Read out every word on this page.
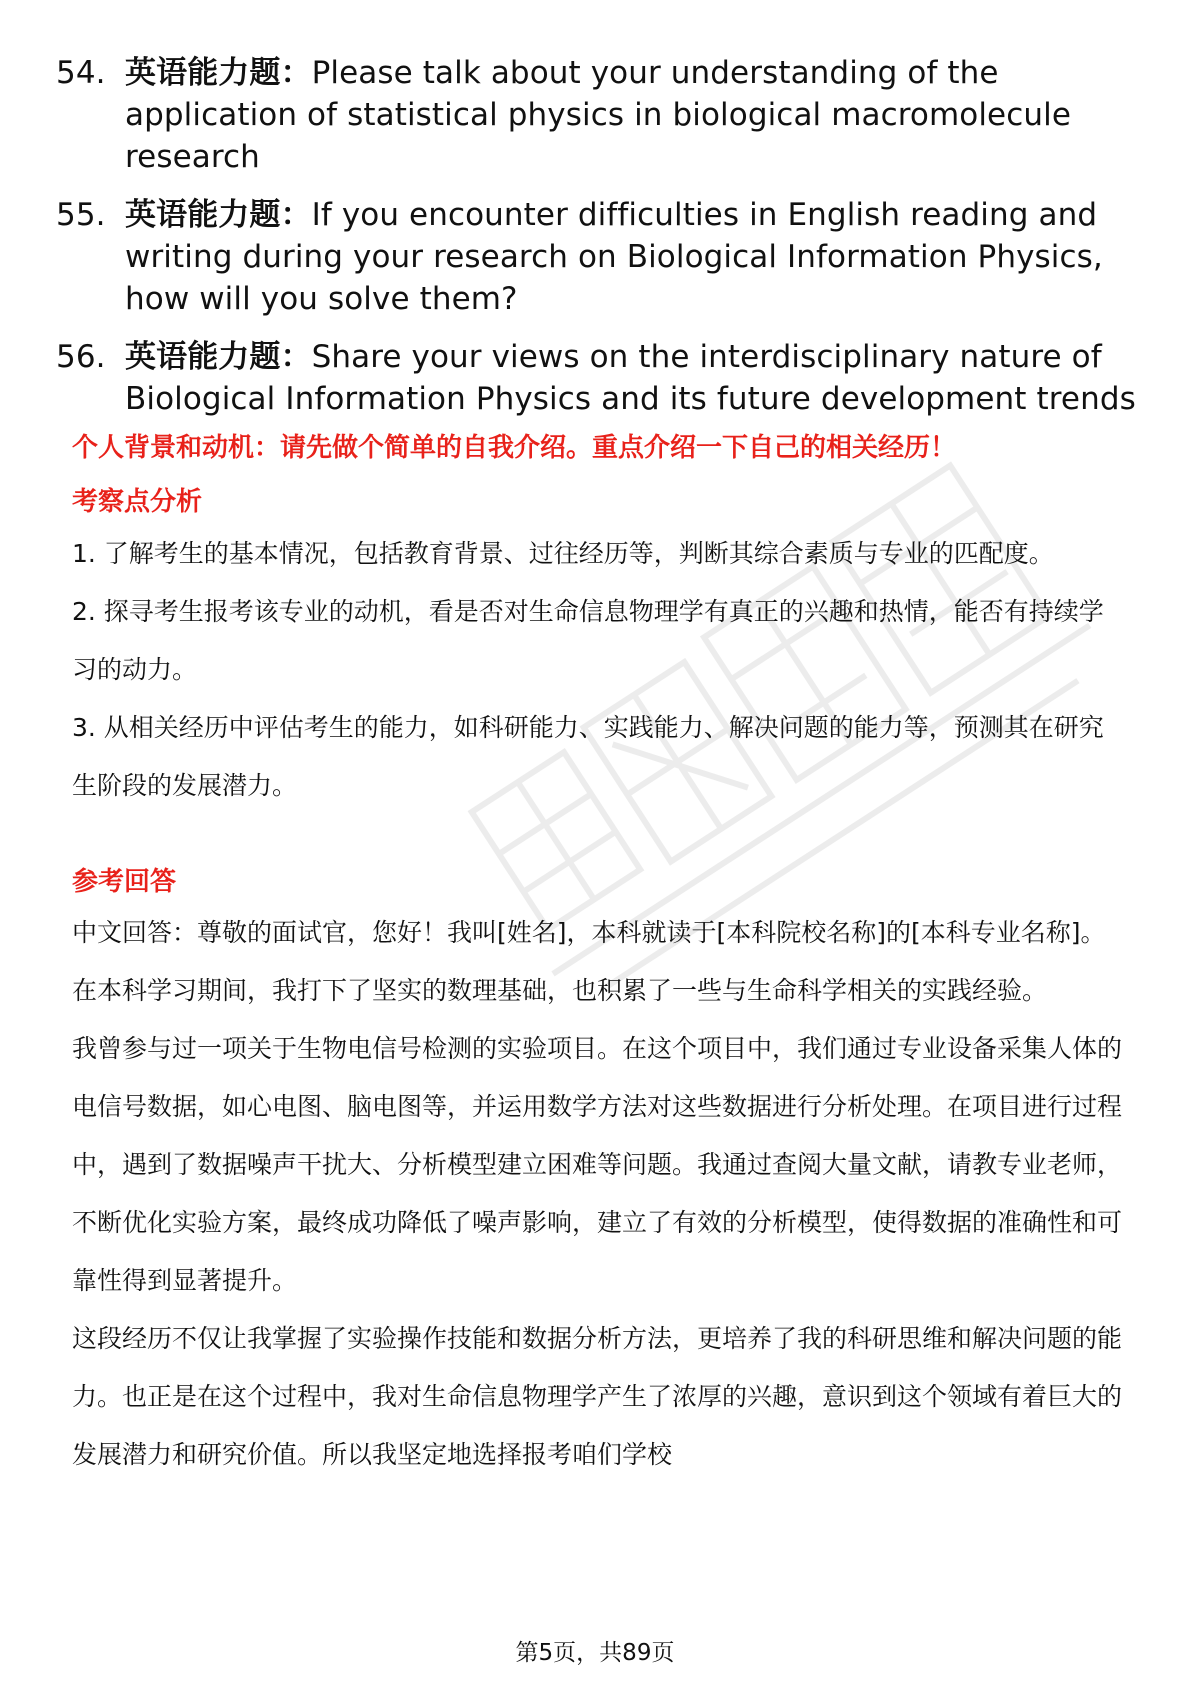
54. 英语能力题：Please talk about your understanding of the application of statistical physics in biological macromolecule research
55. 英语能力题：If you encounter difficulties in English reading and writing during your research on Biological Information Physics, how will you solve them?
56. 英语能力题：Share your views on the interdisciplinary nature of Biological Information Physics and its future development trends
个人背景和动机：请先做个简单的自我介绍。重点介绍一下自己的相关经历！
考察点分析

1. 了解考生的基本情况，包括教育背景、过往经历等，判断其综合素质与专业的匹配度。

2. 探寻考生报考该专业的动机，看是否对生命信息物理学有真正的兴趣和热情，能否有持续学习的动力。

3. 从相关经历中评估考生的能力，如科研能力、实践能力、解决问题的能力等，预测其在研究生阶段的发展潜力。

参考回答

中文回答：尊敬的面试官，您好！我叫[姓名]，本科就读于[本科院校名称]的[本科专业名称]。在本科学习期间，我打下了坚实的数理基础，也积累了一些与生命科学相关的实践经验。

我曾参与过一项关于生物电信号检测的实验项目。在这个项目中，我们通过专业设备采集人体的电信号数据，如心电图、脑电图等，并运用数学方法对这些数据进行分析处理。在项目进行过程中，遇到了数据噪声干扰大、分析模型建立困难等问题。我通过查阅大量文献，请教专业老师，不断优化实验方案，最终成功降低了噪声影响，建立了有效的分析模型，使得数据的准确性和可靠性得到显著提升。

这段经历不仅让我掌握了实验操作技能和数据分析方法，更培养了我的科研思维和解决问题的能力。也正是在这个过程中，我对生命信息物理学产生了浓厚的兴趣，意识到这个领域有着巨大的发展潜力和研究价值。所以我坚定地选择报考咱们学校

第5页，共89页
